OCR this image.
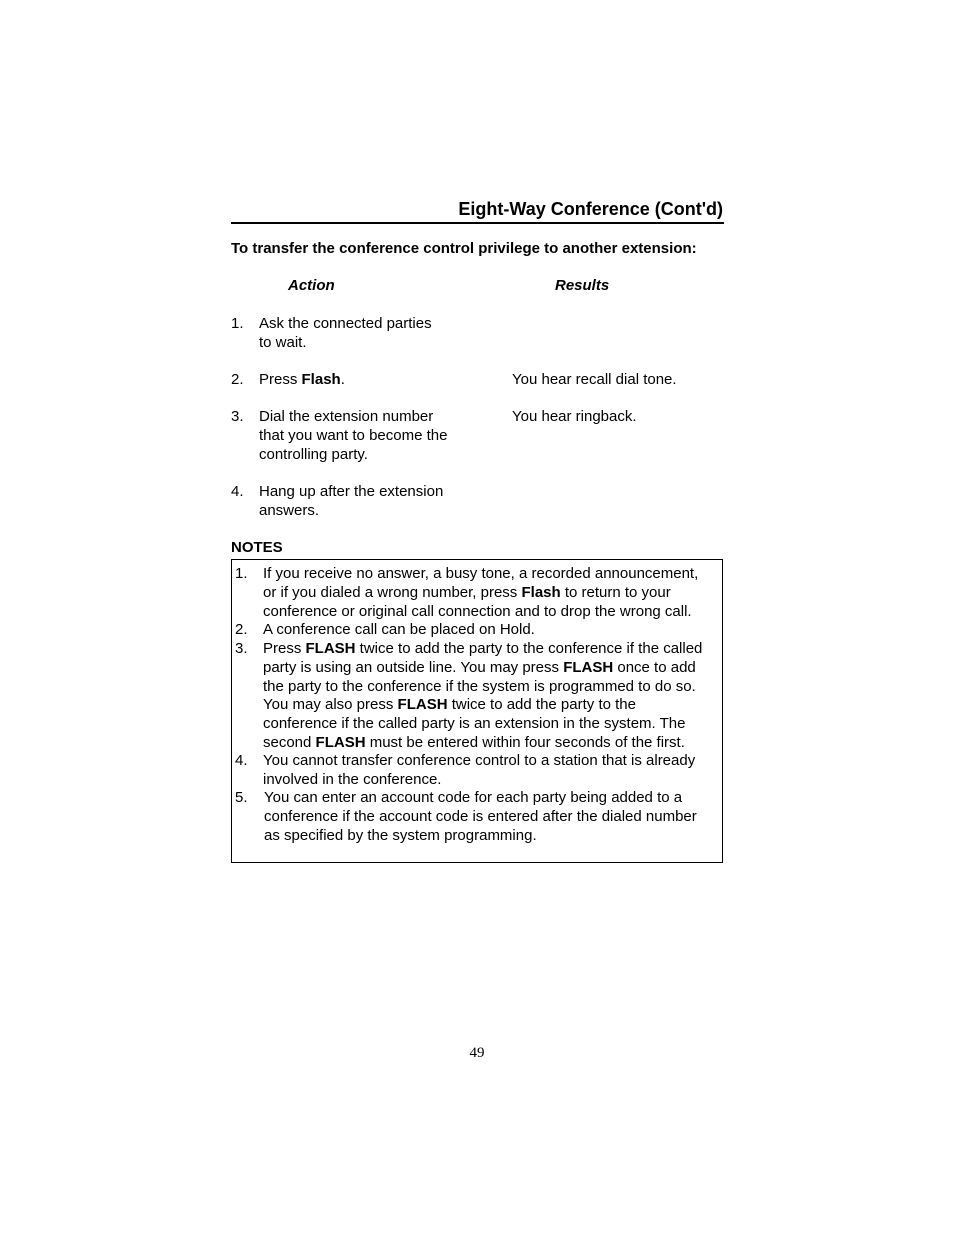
Eight-Way Conference (Cont'd)
To transfer the conference control privilege to another extension:
Action	Results
1. Ask the connected parties
to wait.
2. Press Flash.	You hear recall dial tone.
3. Dial the extension number
that you want to become the
controlling party.
You hear ringback.
4. Hang up after the extension
answers.
NOTES
1. If you receive no answer, a busy tone, a recorded announcement,
or if you dialed a wrong number, press Flash to return to your
conference or original call connection and to drop the wrong call.
2. A conference call can be placed on Hold.
3. Press FLASH twice to add the party to the conference if the called
party is using an outside line. You may press FLASH once to add
the party to the conference if the system is programmed to do so.
You may also press FLASH twice to add the party to the
conference if the called party is an extension in the system. The
second FLASH must be entered within four seconds of the first.
4. You cannot transfer conference control to a station that is already
involved in the conference.
5. You can enter an account code for each party being added to a
conference if the account code is entered after the dialed number
as specified by the system programming.
49
